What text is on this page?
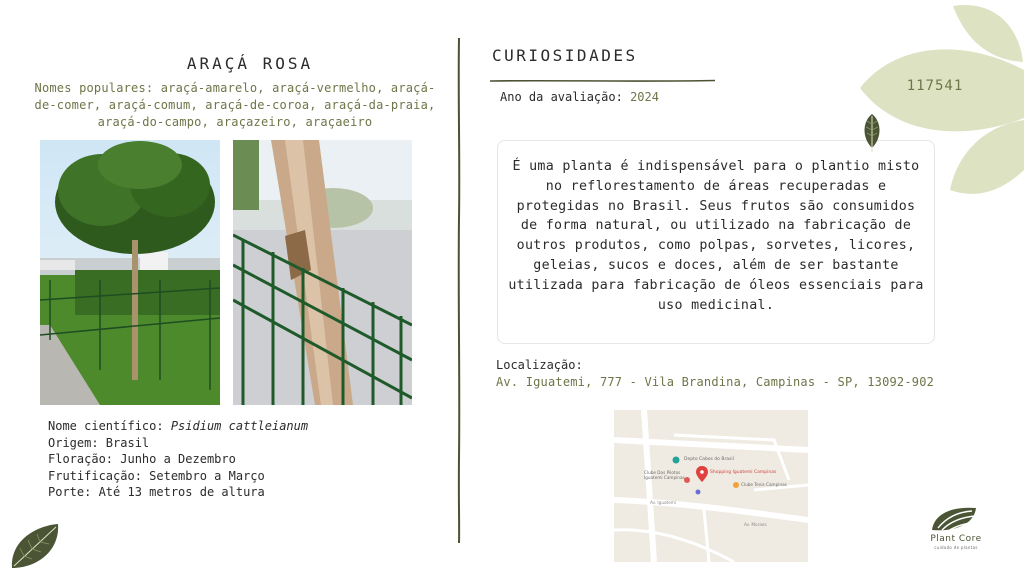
ARAÇÁ ROSA
Nomes populares: araçá-amarelo, araçá-vermelho, araçá-de-comer, araçá-comum, araçá-de-coroa, araçá-da-praia, araçá-do-campo, araçazeiro, araçaeiro
Nome científico: Psidium cattleianum
Origem: Brasil
Floração: Junho a Dezembro
Frutificação: Setembro a Março
Porte: Até 13 metros de altura
CURIOSIDADES
Ano da avaliação: 2024
É uma planta é indispensável para o plantio misto no reflorestamento de áreas recuperadas e protegidas no Brasil. Seus frutos são consumidos de forma natural, ou utilizado na fabricação de outros produtos, como polpas, sorvetes, licores, geleias, sucos e doces, além de ser bastante utilizada para fabricação de óleos essenciais para uso medicinal.
Localização:
Av. Iguatemi, 777 - Vila Brandina, Campinas - SP, 13092-902
Depto Cabos do Brasil
Clube Dos Pilotos
Iguatemi Campinas
Shopping Iguatemi Campinas
Clube Tenis Campinas
Av. Iguatemi
Av. Moraes
117541
Plant Core
cuidado de plantas
